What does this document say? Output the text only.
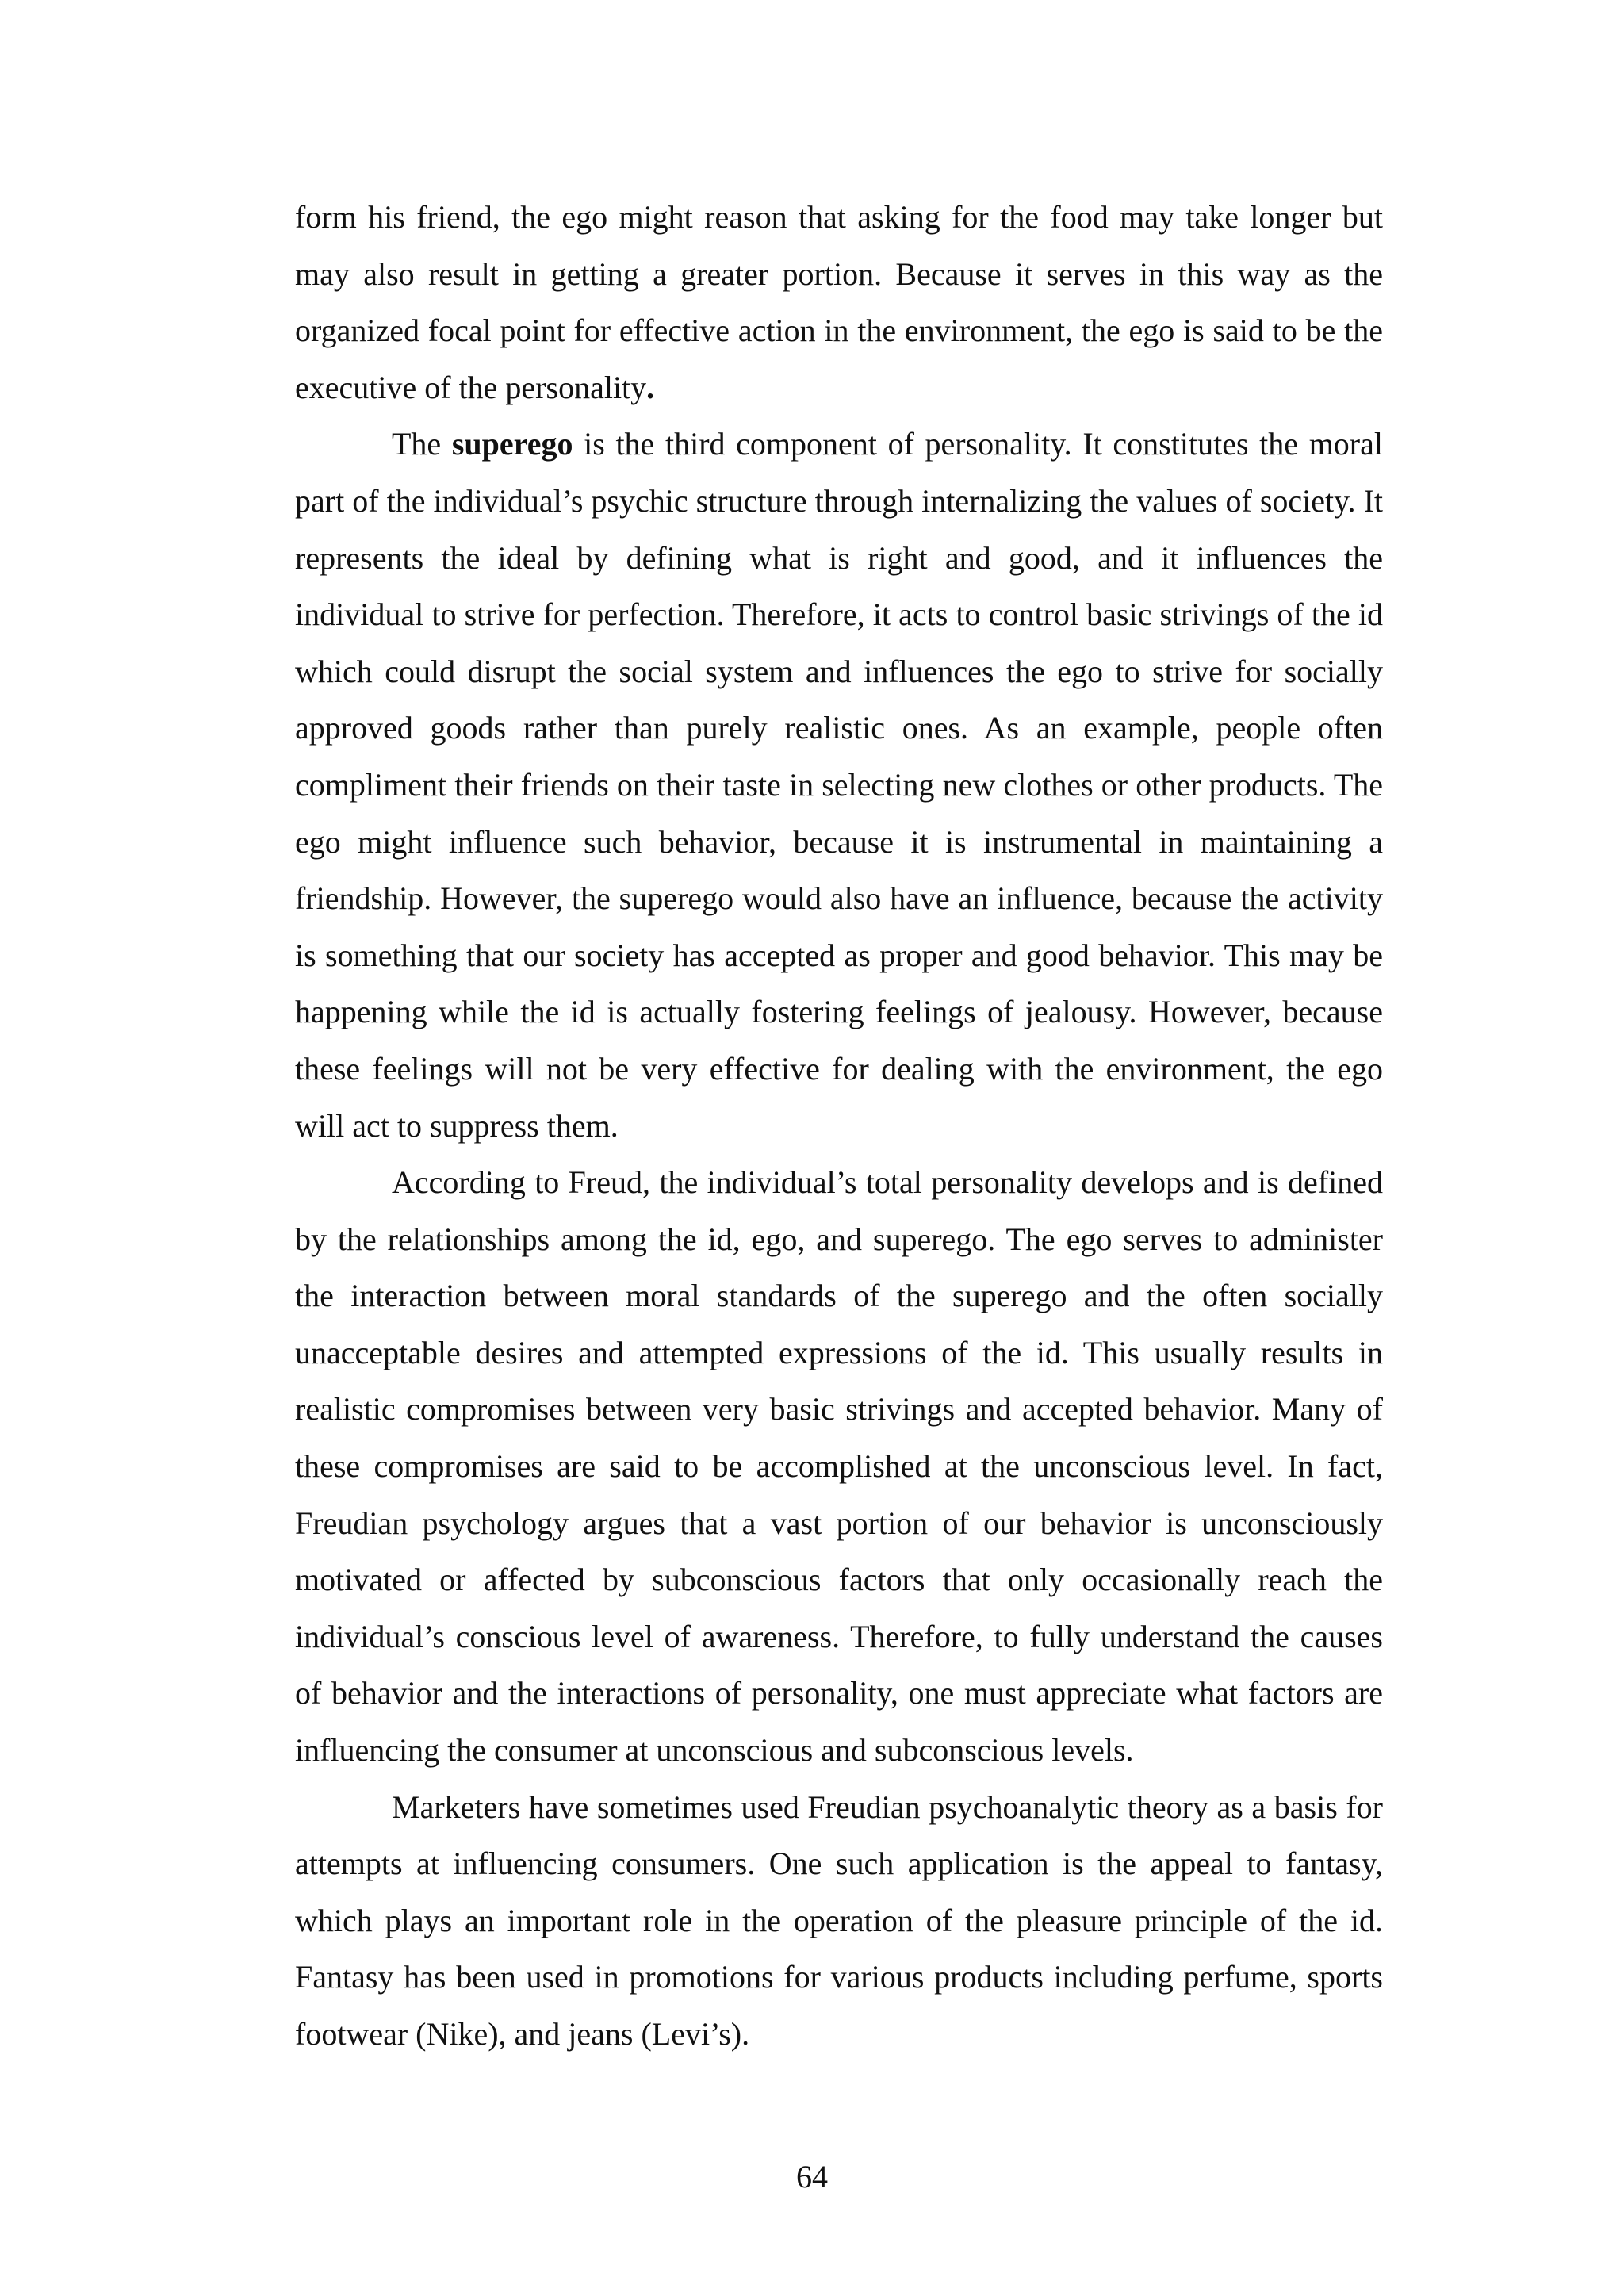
form his friend, the ego might reason that asking for the food may take longer but may also result in getting a greater portion. Because it serves in this way as the organized focal point for effective action in the environment, the ego is said to be the executive of the personality.

The superego is the third component of personality. It constitutes the moral part of the individual’s psychic structure through internalizing the values of society. It represents the ideal by defining what is right and good, and it influences the individual to strive for perfection. Therefore, it acts to control basic strivings of the id which could disrupt the social system and influences the ego to strive for socially approved goods rather than purely realistic ones. As an example, people often compliment their friends on their taste in selecting new clothes or other products. The ego might influence such behavior, because it is instrumental in maintaining a friendship. However, the superego would also have an influence, because the activity is something that our society has accepted as proper and good behavior. This may be happening while the id is actually fostering feelings of jealousy. However, because these feelings will not be very effective for dealing with the environment, the ego will act to suppress them.

According to Freud, the individual’s total personality develops and is defined by the relationships among the id, ego, and superego. The ego serves to administer the interaction between moral standards of the superego and the often socially unacceptable desires and attempted expressions of the id. This usually results in realistic compromises between very basic strivings and accepted behavior. Many of these compromises are said to be accomplished at the unconscious level. In fact, Freudian psychology argues that a vast portion of our behavior is unconsciously motivated or affected by subconscious factors that only occasionally reach the individual’s conscious level of awareness. Therefore, to fully understand the causes of behavior and the interactions of personality, one must appreciate what factors are influencing the consumer at unconscious and subconscious levels.

Marketers have sometimes used Freudian psychoanalytic theory as a basis for attempts at influencing consumers. One such application is the appeal to fantasy, which plays an important role in the operation of the pleasure principle of the id. Fantasy has been used in promotions for various products including perfume, sports footwear (Nike), and jeans (Levi’s).

64
